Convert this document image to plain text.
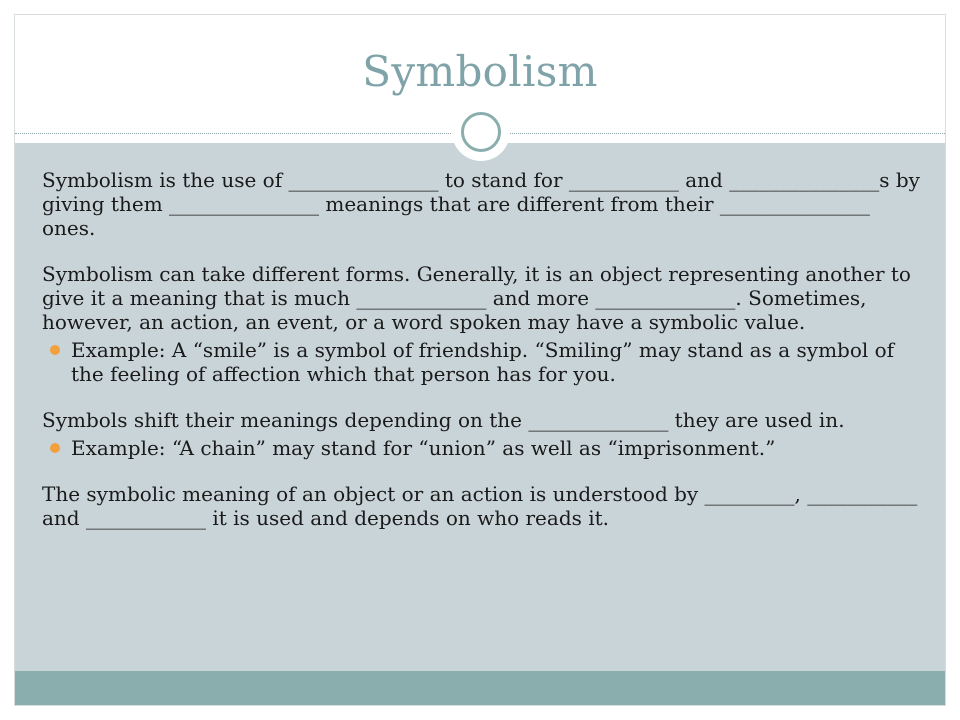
Symbolism

Symbolism is the use of _______________ to stand for ___________ and _______________s by giving them _______________ meanings that are different from their _______________ ones.

Symbolism can take different forms. Generally, it is an object representing another to give it a meaning that is much _____________ and more ______________. Sometimes, however, an action, an event, or a word spoken may have a symbolic value.

Example: A “smile” is a symbol of friendship. “Smiling” may stand as a symbol of the feeling of affection which that person has for you.

Symbols shift their meanings depending on the ______________ they are used in.

Example: “A chain” may stand for “union” as well as “imprisonment.”

The symbolic meaning of an object or an action is understood by _________, ___________ and ____________ it is used and depends on who reads it.
